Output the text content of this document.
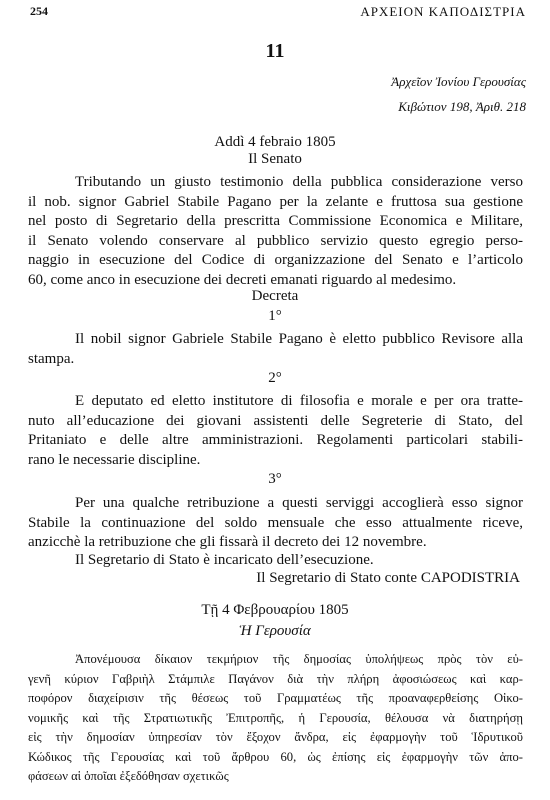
254	ΑΡΧΕΙΟΝ ΚΑΠΟΔΙΣΤΡΙΑ
11
Ἀρχεῖον Ἰονίου Γερουσίας
Κιβώτιον 198, Ἀριθ. 218
Addì 4 febraio 1805
Il Senato
Tributando un giusto testimonio della pubblica considerazione verso
il nob. signor Gabriel Stabile Pagano per la zelante e fruttosa sua gestione
nel posto di Segretario della prescritta Commissione Economica e Militare,
il Senato volendo conservare al pubblico servizio questo egregio perso-
naggio in esecuzione del Codice di organizzazione del Senato e l’articolo
60, come anco in esecuzione dei decreti emanati riguardo al medesimo.
Decreta
1°
Il nobil signor Gabriele Stabile Pagano è eletto pubblico Revisore alla
stampa.
2°
E deputato ed eletto institutore di filosofia e morale e per ora tratte-
nuto all’educazione dei giovani assistenti delle Segreterie di Stato, del
Pritaniato e delle altre amministrazioni. Regolamenti particolari stabili-
rano le necessarie discipline.
3°
Per una qualche retribuzione a questi serviggi accoglierà esso signor
Stabile la continuazione del soldo mensuale che esso attualmente riceve,
anzicchè la retribuzione che gli fissarà il decreto dei 12 novembre.
Il Segretario di Stato è incaricato dell’esecuzione.
Il Segretario di Stato conte CAPODISTRIA
Τῇ 4 Φεβρουαρίου 1805
Ἡ Γερουσία
Ἀπονέμουσα δίκαιον τεκμήριον τῆς δημοσίας ὑπολήψεως πρὸς τὸν εὐ-
γενῆ κύριον Γαβριὴλ Στάμπιλε Παγάνον διὰ τὴν πλήρη ἀφοσιώσεως καὶ καρ-
ποφόρον διαχείρισιν τῆς θέσεως τοῦ Γραμματέως τῆς προαναφερθείσης Οἰκο-
νομικῆς καὶ τῆς Στρατιωτικῆς Ἐπιτροπῆς, ἡ Γερουσία, θέλουσα νὰ διατηρήσῃ
εἰς τὴν δημοσίαν ὑπηρεσίαν τὸν ἔξοχον ἄνδρα, εἰς ἐφαρμογὴν τοῦ Ἱδρυτικοῦ
Κώδικος τῆς Γερουσίας καὶ τοῦ ἄρθρου 60, ὡς ἐπίσης εἰς ἐφαρμογὴν τῶν ἀπο-
φάσεων αἱ ὁποῖαι ἐξεδόθησαν σχετικῶς
